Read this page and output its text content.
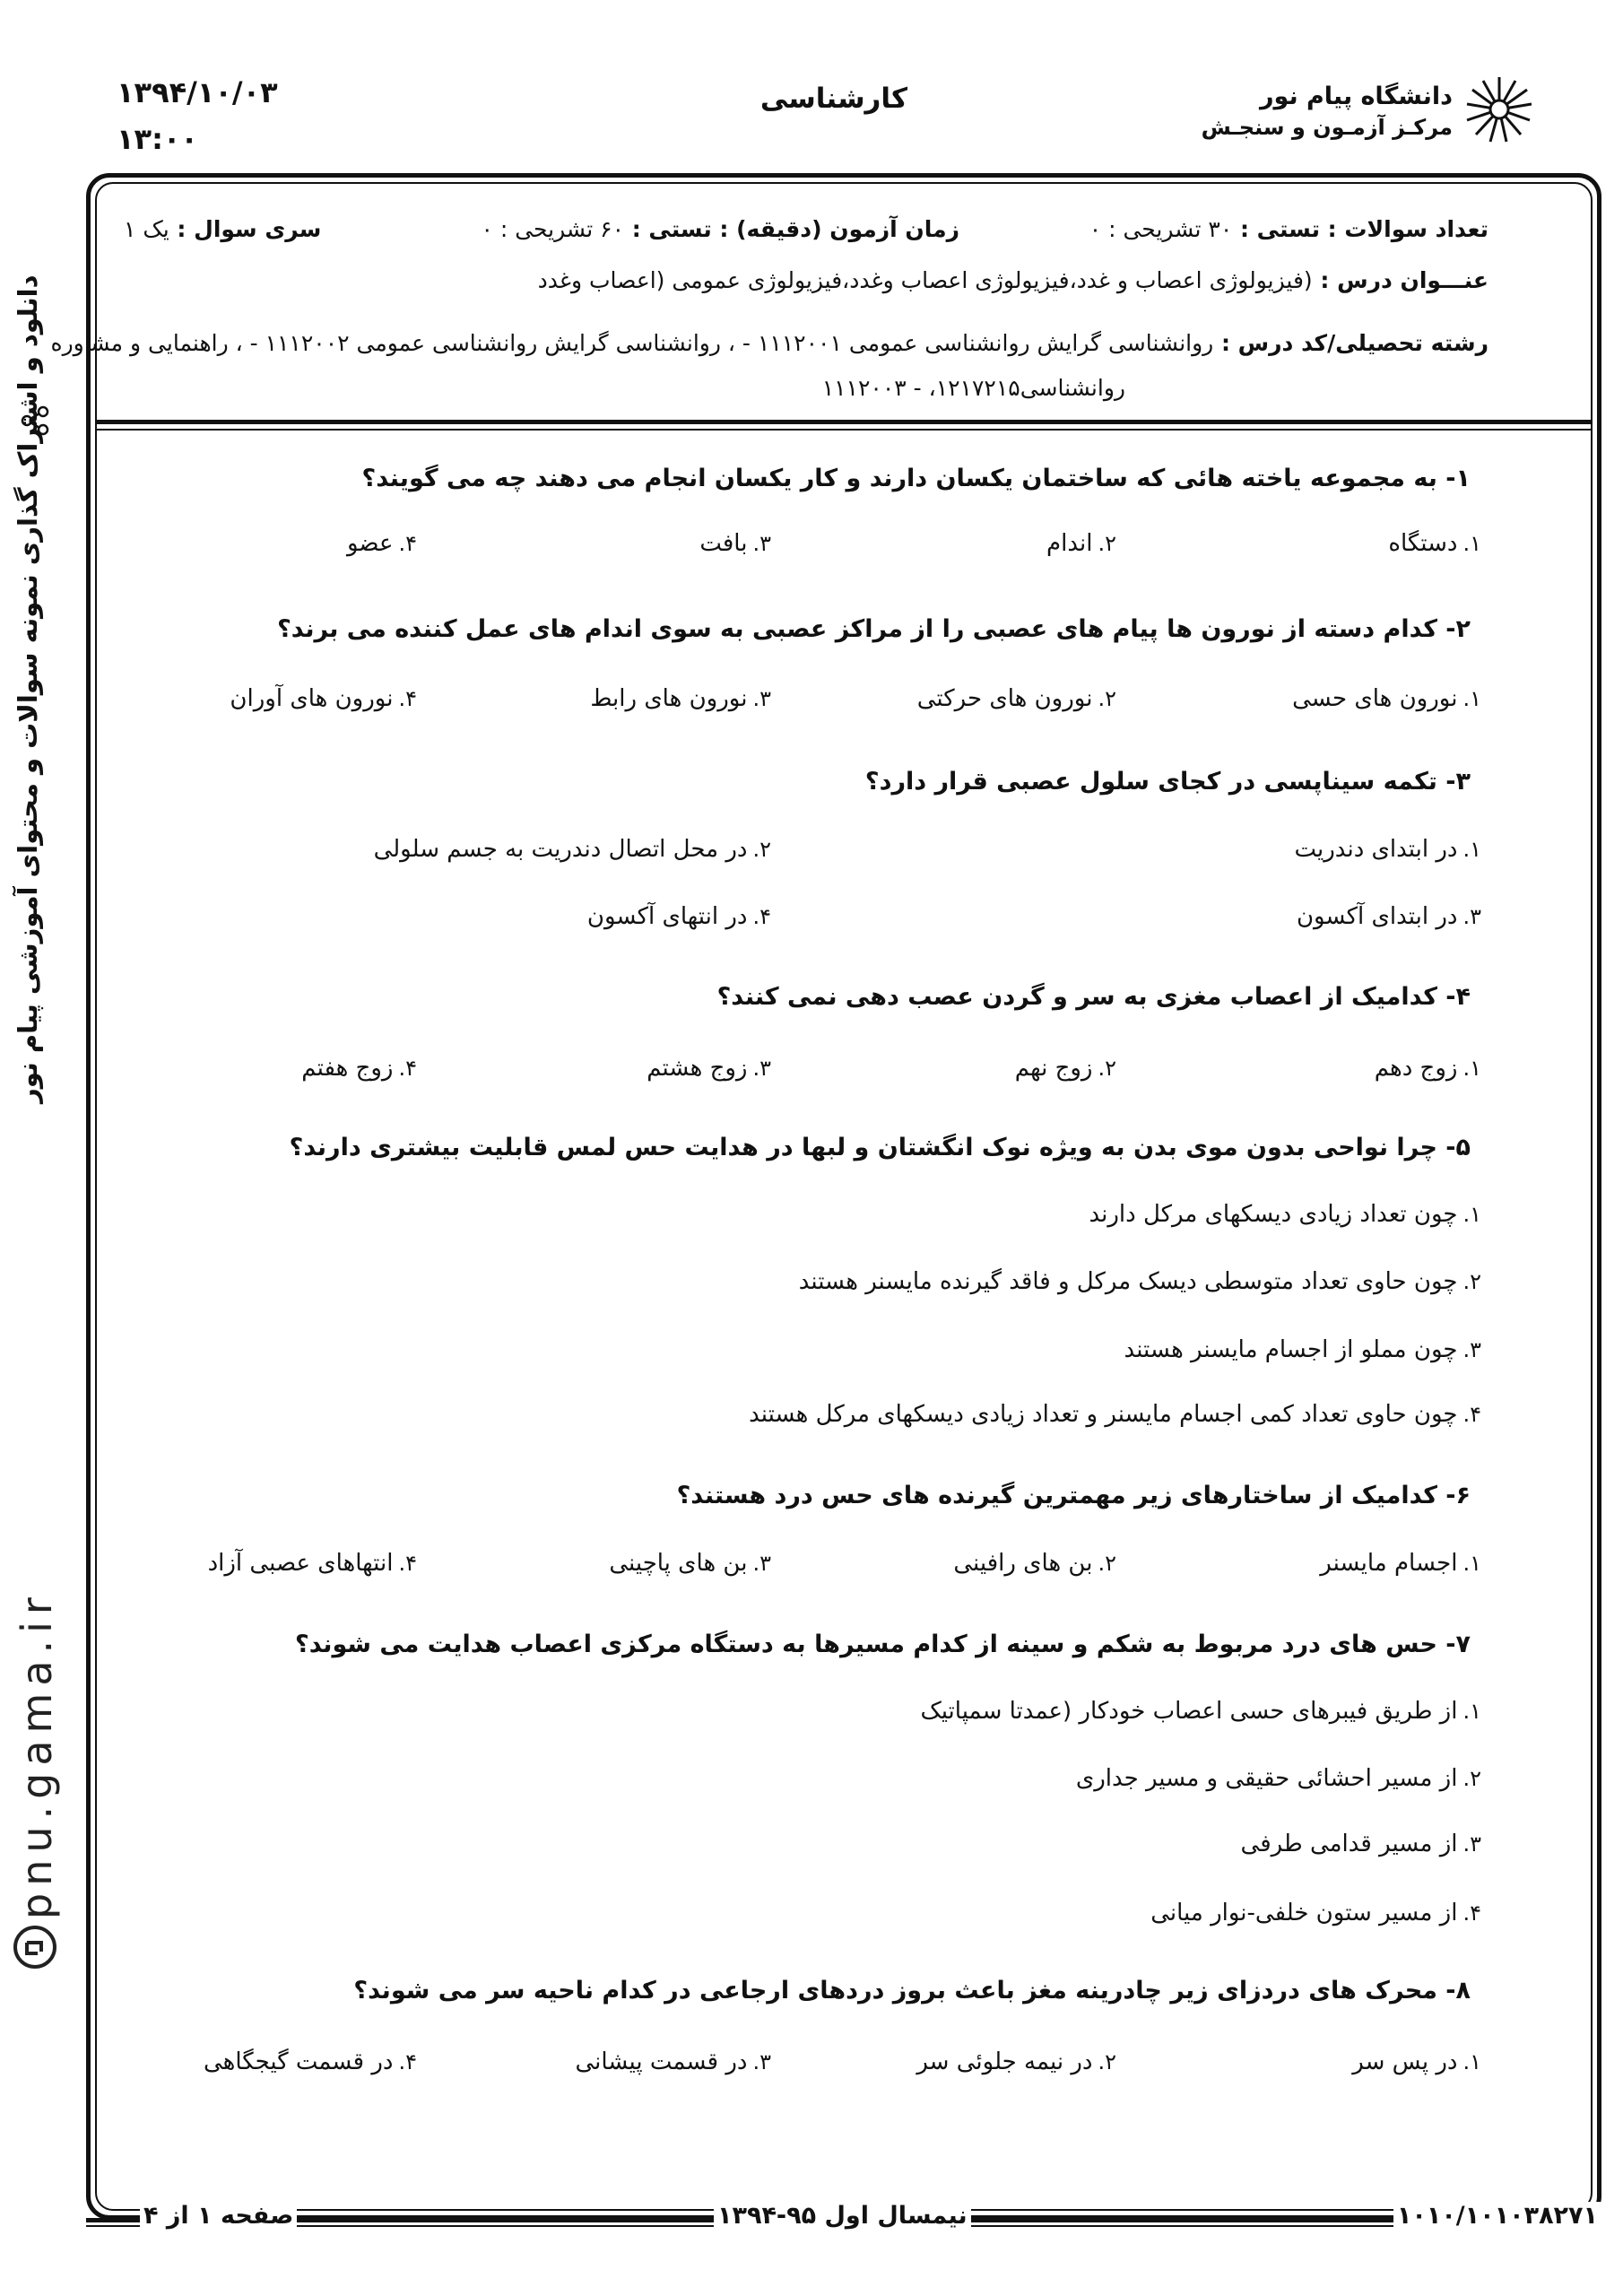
دانشگاه پیام نور
مرکـز آزمـون و سنجـش
کارشناسی
۱۳۹۴/۱۰/۰۳
۱۳:۰۰
تعداد سوالات : تستی : ۳۰ تشریحی : ۰
زمان آزمون (دقیقه) : تستی : ۶۰ تشریحی : ۰
سری سوال : یک ۱
عنـــوان درس : (فیزیولوژی اعصاب و غدد،فیزیولوژی اعصاب وغدد،فیزیولوژی عمومی (اعصاب وغدد
رشته تحصیلی/کد درس : روانشناسی گرایش روانشناسی عمومی ۱۱۱۲۰۰۱ - ، روانشناسی گرایش روانشناسی عمومی ۱۱۱۲۰۰۲ - ، راهنمایی و مشاوره
روانشناسی۱۲۱۷۲۱۵، - ۱۱۱۲۰۰۳
۱- به مجموعه یاخته هائی که ساختمان یکسان دارند و کار یکسان انجام می دهند چه می گویند؟
۱.دستگاه
۲.اندام
۳.بافت
۴.عضو
۲- کدام دسته از نورون ها پیام های عصبی را از مراکز عصبی به سوی اندام های عمل کننده می برند؟
۱.نورون های حسی
۲.نورون های حرکتی
۳.نورون های رابط
۴.نورون های آوران
۳- تکمه سیناپسی در کجای سلول عصبی قرار دارد؟
۱.در ابتدای دندریت
۲.در محل اتصال دندریت به جسم سلولی
۳.در ابتدای آکسون
۴.در انتهای آکسون
۴- کدامیک از اعصاب مغزی به سر و گردن عصب دهی نمی کنند؟
۱.زوج دهم
۲.زوج نهم
۳.زوج هشتم
۴.زوج هفتم
۵- چرا نواحی بدون موی بدن به ویژه نوک انگشتان و لبها در هدایت حس لمس قابلیت بیشتری دارند؟
۱.چون تعداد زیادی دیسکهای مرکل دارند
۲.چون حاوی تعداد متوسطی دیسک مرکل و فاقد گیرنده مایسنر هستند
۳.چون مملو از اجسام مایسنر هستند
۴.چون حاوی تعداد کمی اجسام مایسنر و تعداد زیادی دیسکهای مرکل هستند
۶- کدامیک از ساختارهای زیر مهمترین گیرنده های حس درد هستند؟
۱.اجسام مایسنر
۲.بن های رافینی
۳.بن های پاچینی
۴.انتهاهای عصبی آزاد
۷- حس های درد مربوط به شکم و سینه از کدام مسیرها به دستگاه مرکزی اعصاب هدایت می شوند؟
۱.از طریق فیبرهای حسی اعصاب خودکار (عمدتا سمپاتیک
۲.از مسیر احشائی حقیقی و مسیر جداری
۳.از مسیر قدامی طرفی
۴.از مسیر ستون خلفی-نوار میانی
۸- محرک های دردزای زیر چادرینه مغز باعث بروز دردهای ارجاعی در کدام ناحیه سر می شوند؟
۱.در پس سر
۲.در نیمه جلوئی سر
۳.در قسمت پیشانی
۴.در قسمت گیجگاهی
۱۰۱۰/۱۰۱۰۳۸۲۷۱
نیمسال اول ۹۵-۱۳۹۴
صفحه ۱ از ۴
دانلود و اشتراک گذاری نمونه سوالات و محتوای آموزشی پیام نور
pnu.gama.ir
